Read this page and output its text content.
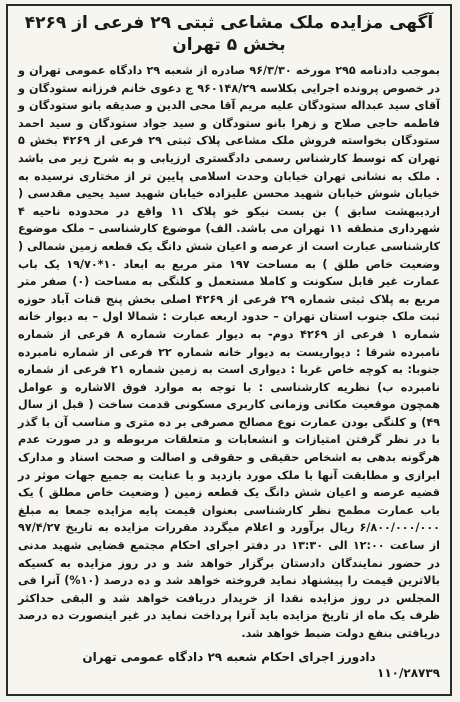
آگهی مزایده ملک مشاعی ثبتی ۲۹ فرعی از ۴۲۶۹ بخش ۵ تهران

بموجب دادنامه ۲۹۵ مورخه ۹۶/۳/۳۰ صادره از شعبه ۲۹ دادگاه عمومی تهران و در خصوص پرونده اجرایی بکلاسه ۹۶۰۱۴۸/۲۹ ج دعوی خانم فرزانه ستودگان و آقای سید عبداله ستودگان علیه مریم آقا محی الدین و صدیقه بانو ستودگان و فاطمه حاجی صلاح و زهرا بانو ستودگان و سید جواد ستودگان و سید احمد ستودگان بخواسته فروش ملک مشاعی پلاک ثبتی ۲۹ فرعی از ۴۲۶۹ بخش ۵ تهران که توسط کارشناس رسمی دادگستری ارزیابی و به شرح زیر می باشد . ملک به نشانی تهران خیابان وحدت اسلامی پایین تر از مختاری نرسیده به خیابان شوش خیابان شهید محسن علیزاده خیابان شهید سید یحیی مقدسی ( اردیبهشت سابق ) بن بست نیکو خو پلاک ۱۱ واقع در محدوده ناحیه ۴ شهرداری منطقه ۱۱ تهران می باشد. الف) موضوع کارشناسی – ملک موضوع کارشناسی عبارت است از عرصه و اعیان شش دانگ یک قطعه زمین شمالی ( وضعیت خاص طلق ) به مساحت ۱۹۷ متر مربع به ابعاد ۱۰*۱۹/۷۰ یک باب عمارت غیر قابل سکونت و کاملا مستعمل و کلنگی به مساحت (۰) صفر متر مربع به پلاک ثبتی شماره ۲۹ فرعی از ۴۲۶۹ اصلی بخش پنج قنات آباد حوزه ثبت ملک جنوب استان تهران – حدود اربعه عبارت : شمالا اول – به دیوار خانه شماره ۱ فرعی از ۴۲۶۹ دوم- به دیوار عمارت شماره ۸ فرعی از شماره نامبرده شرقا : دیواریست به دیوار خانه شماره ۲۲ فرعی از شماره نامبرده جنوبا: به کوچه خاص غربا : دیواری است به زمین شماره ۲۱ فرعی از شماره نامبرده ب) نظریه کارشناسی : با توجه به موارد فوق الاشاره و عوامل همچون موقعیت مکانی وزمانی کاربری مسکونی قدمت ساخت ( قبل از سال ۴۹) و کلنگی بودن عمارت نوع مصالح مصرفی بر ده متری و مناسب آن با گذر با در نظر گرفتن امتیازات و انشعابات و متعلقات مربوطه و در صورت عدم هرگونه بدهی به اشخاص حقیقی و حقوقی و اصالت و صحت اسناد و مدارک ابرازی و مطابقت آنها با ملک مورد بازدید و با عنایت به جمیع جهات موثر در قضیه عرصه و اعیان شش دانگ یک قطعه زمین ( وضعیت خاص مطلق ) یک باب عمارت مطمح نظر کارشناسی بعنوان قیمت پایه مزایده جمعا به مبلغ ۶/۸۰۰/۰۰۰/۰۰۰ ریال برآورد و اعلام میگردد مقررات مزایده به تاریخ ۹۷/۴/۲۷ از ساعت ۱۲:۰۰ الی ۱۳:۳۰ در دفتر اجرای احکام مجتمع قضایی شهید مدنی در حضور نمایندگان دادستان برگزار خواهد شد و در روز مزایده به کسیکه بالاترین قیمت را پیشنهاد نماید فروخته خواهد شد و ده درصد (۱۰%) آنرا فی المجلس در روز مزایده نقدا از خریدار دریافت خواهد شد و البقی حداکثر ظرف یک ماه از تاریخ مزایده باید آنرا پرداخت نماید در غیر اینصورت ده درصد دریافتی بنفع دولت ضبط خواهد شد.

دادورز اجرای احکام شعبه ۲۹ دادگاه عمومی تهران
۱۱۰/۲۸۷۳۹
